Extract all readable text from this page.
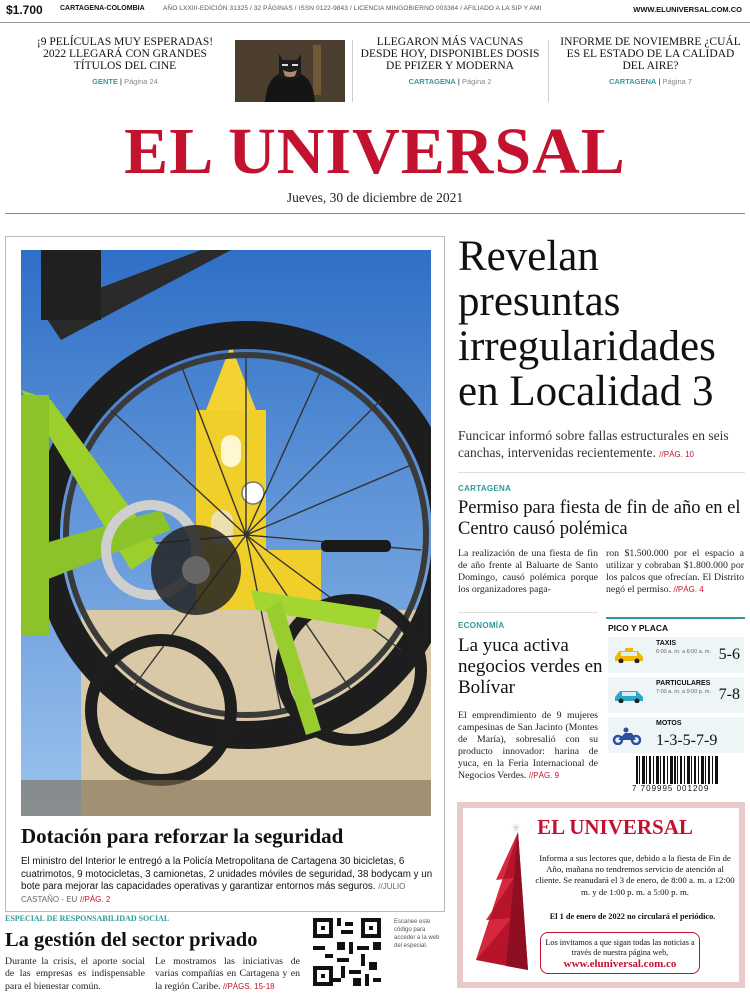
$1.700 CARTAGENA-COLOMBIA	AÑO LXXIII-EDICIÓN 31325 / 32 PÁGINAS / ISSN 0122-9843 / LICENCIA MINGOBIERNO 003384 / AFILIADO A LA SIP Y AMI	WWW.ELUNIVERSAL.COM.CO
¡9 PELÍCULAS MUY ESPERADAS! 2022 LLEGARÁ CON GRANDES TÍTULOS DEL CINE
GENTE | Página 24
LLEGARON MÁS VACUNAS DESDE HOY, DISPONIBLES DOSIS DE PFIZER Y MODERNA
CARTAGENA | Página 2
INFORME DE NOVIEMBRE ¿CUÁL ES EL ESTADO DE LA CALIDAD DEL AIRE?
CARTAGENA | Página 7
EL UNIVERSAL
Jueves, 30 de diciembre de 2021
Dotación para reforzar la seguridad
El ministro del Interior le entregó a la Policía Metropolitana de Cartagena 30 bicicletas, 6 cuatrimotos, 9 motocicletas, 3 camionetas, 2 unidades móviles de seguridad, 38 bodycam y un bote para mejorar las capacidades operativas y garantizar entornos más seguros. //JULIO CASTAÑO - EU //PÁG. 2
Revelan presuntas irregularidades en Localidad 3
Funcicar informó sobre fallas estructurales en seis canchas, intervenidas recientemente. //PÁG. 10
CARTAGENA
Permiso para fiesta de fin de año en el Centro causó polémica
La realización de una fiesta de fin de año frente al Baluarte de Santo Domingo, causó polémica porque los organizadores paga-
ron $1.500.000 por el espacio a utilizar y cobraban $1.800.000 por los palcos que ofrecían. El Distrito negó el permiso. //PÁG. 4
ECONOMÍA
La yuca activa negocios verdes en Bolívar
El emprendimiento de 9 mujeres campesinas de San Jacinto (Montes de María), sobresalió con su producto innovador: harina de yuca, en la Feria Internacional de Negocios Verdes. //PÁG. 9
PICO Y PLACA
TAXIS
6:00 a. m. a 6:00 a. m. 5-6
PARTICULARES
7:00 a. m. a 9:00 p. m. 7-8
MOTOS
1-3-5-7-9
7 709995 001209
✳ EL UNIVERSAL
Informa a sus lectores que, debido a la fiesta de Fin de Año, mañana no tendremos servicio de atención al cliente. Se reanudará el 3 de enero, de 8:00 a. m. a 12:00 m. y de 1:00 p. m. a 5:00 p. m.
El 1 de enero de 2022 no circulará el periódico.
Los invitamos a que sigan todas las noticias a través de nuestra página web,
www.eluniversal.com.co
ESPECIAL DE RESPONSABILIDAD SOCIAL
La gestión del sector privado
Durante la crisis, el aporte social de las empresas es indispensable para el bienestar común.
Le mostramos las iniciativas de varias compañías en Cartagena y en la región Caribe. //PÁGS. 15-18
Escanee este código para acceder a la web del especial.
